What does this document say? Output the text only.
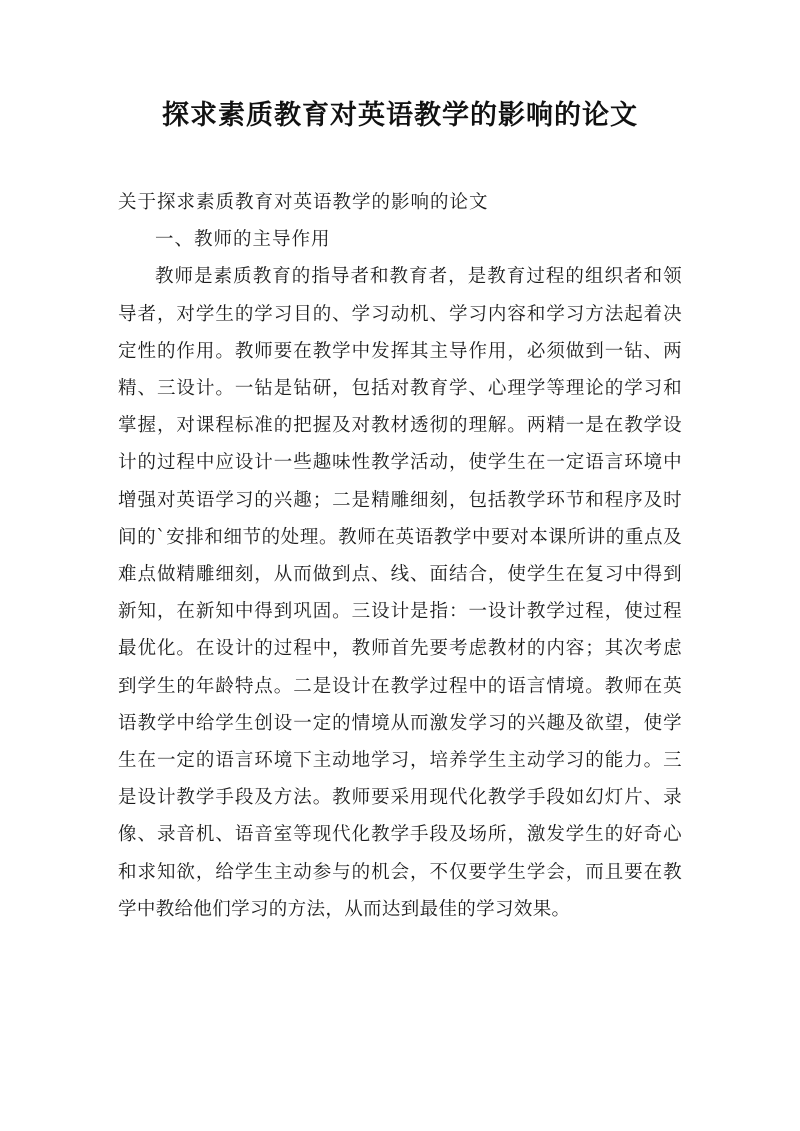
探求素质教育对英语教学的影响的论文

关于探求素质教育对英语教学的影响的论文

一、教师的主导作用

教师是素质教育的指导者和教育者，是教育过程的组织者和领导者，对学生的学习目的、学习动机、学习内容和学习方法起着决定性的作用。教师要在教学中发挥其主导作用，必须做到一钻、两精、三设计。一钻是钻研，包括对教育学、心理学等理论的学习和掌握，对课程标准的把握及对教材透彻的理解。两精一是在教学设计的过程中应设计一些趣味性教学活动，使学生在一定语言环境中增强对英语学习的兴趣；二是精雕细刻，包括教学环节和程序及时间的`安排和细节的处理。教师在英语教学中要对本课所讲的重点及难点做精雕细刻，从而做到点、线、面结合，使学生在复习中得到新知，在新知中得到巩固。三设计是指：一设计教学过程，使过程最优化。在设计的过程中，教师首先要考虑教材的内容；其次考虑到学生的年龄特点。二是设计在教学过程中的语言情境。教师在英语教学中给学生创设一定的情境从而激发学习的兴趣及欲望，使学生在一定的语言环境下主动地学习，培养学生主动学习的能力。三是设计教学手段及方法。教师要采用现代化教学手段如幻灯片、录像、录音机、语音室等现代化教学手段及场所，激发学生的好奇心和求知欲，给学生主动参与的机会，不仅要学生学会，而且要在教学中教给他们学习的方法，从而达到最佳的学习效果。
